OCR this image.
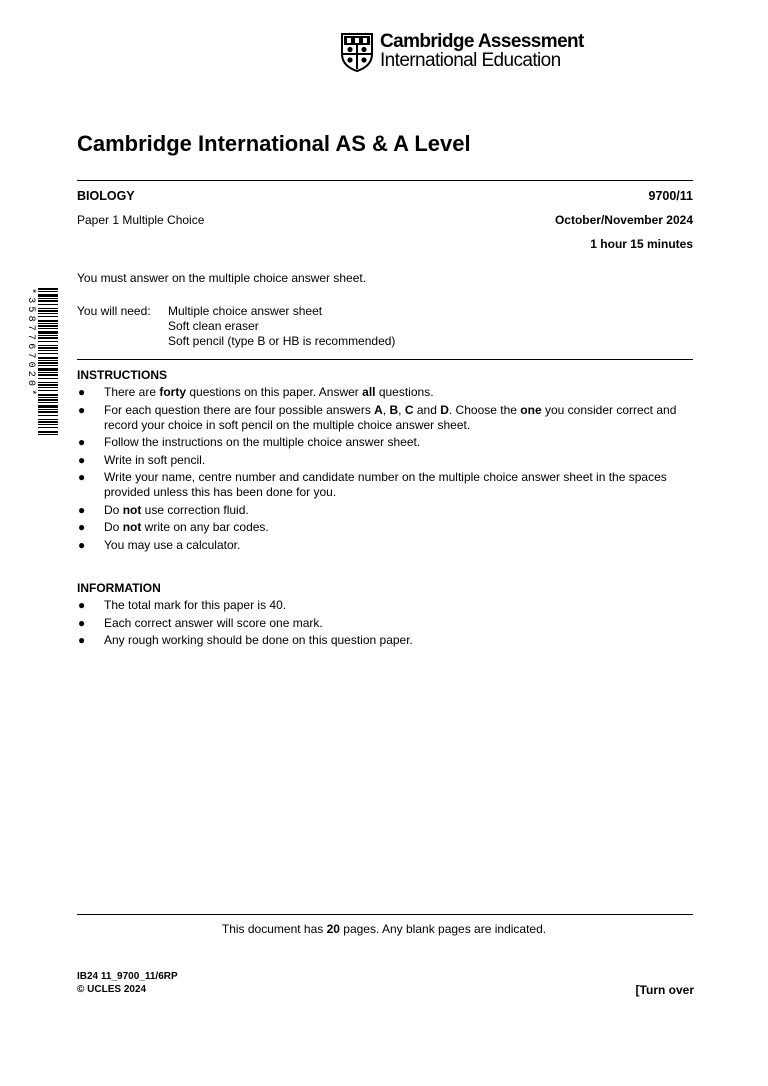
Cambridge Assessment
International Education
Cambridge International AS & A Level
BIOLOGY	9700/11
Paper 1 Multiple Choice	October/November 2024
1 hour 15 minutes
You must answer on the multiple choice answer sheet.
You will need: Multiple choice answer sheet
Soft clean eraser
Soft pencil (type B or HB is recommended)
INSTRUCTIONS
● There are forty questions on this paper. Answer all questions.
● For each question there are four possible answers A, B, C and D. Choose the one you consider correct and record your choice in soft pencil on the multiple choice answer sheet.
● Follow the instructions on the multiple choice answer sheet.
● Write in soft pencil.
● Write your name, centre number and candidate number on the multiple choice answer sheet in the spaces provided unless this has been done for you.
● Do not use correction fluid.
● Do not write on any bar codes.
● You may use a calculator.
INFORMATION
● The total mark for this paper is 40.
● Each correct answer will score one mark.
● Any rough working should be done on this question paper.
This document has 20 pages. Any blank pages are indicated.
IB24 11_9700_11/6RP
© UCLES 2024	[Turn over
*3587767020*
